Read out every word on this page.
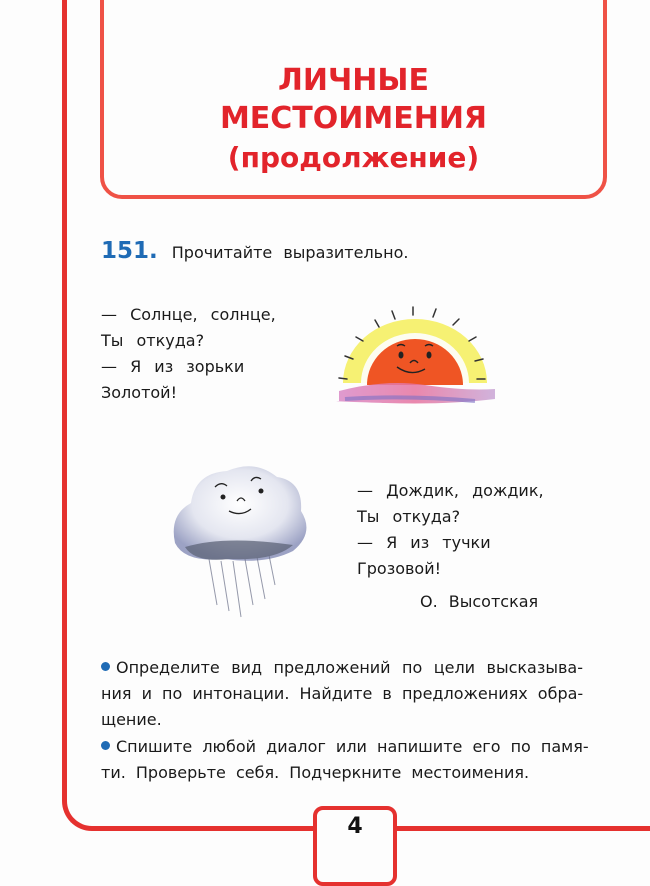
ЛИЧНЫЕ
МЕСТОИМЕНИЯ
(продолжение)
151. Прочитайте выразительно.
— Солнце, солнце,
Ты откуда?
— Я из зорьки
Золотой!
— Дождик, дождик,
Ты откуда?
— Я из тучки
Грозовой!
О. Высотская
Определите вид предложений по цели высказыва-
ния и по интонации. Найдите в предложениях обра-
щение.
Спишите любой диалог или напишите его по памя-
ти. Проверьте себя. Подчеркните местоимения.
4
